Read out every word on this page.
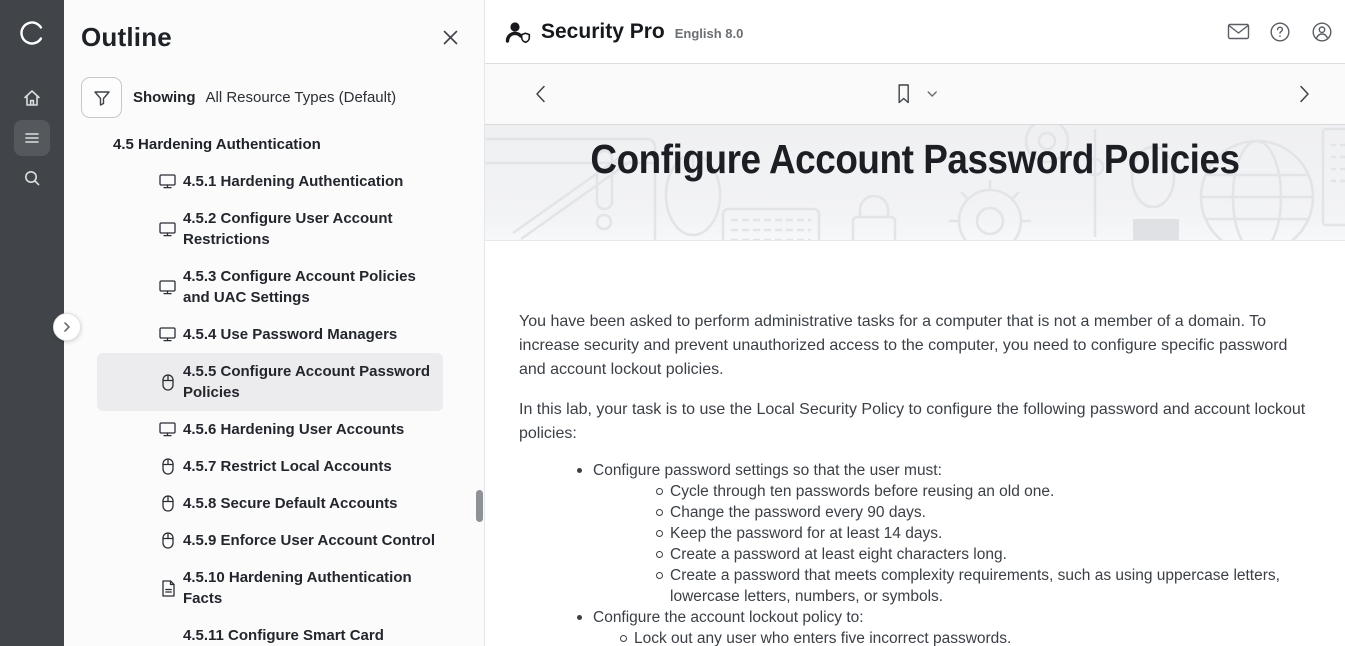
Outline
Showing All Resource Types (Default)
4.5 Hardening Authentication
4.5.1 Hardening Authentication
4.5.2 Configure User Account Restrictions
4.5.3 Configure Account Policies and UAC Settings
4.5.4 Use Password Managers
4.5.5 Configure Account Password Policies
4.5.6 Hardening User Accounts
4.5.7 Restrict Local Accounts
4.5.8 Secure Default Accounts
4.5.9 Enforce User Account Control
4.5.10 Hardening Authentication Facts
4.5.11 Configure Smart Card
Security Pro English 8.0
Configure Account Password Policies

You have been asked to perform administrative tasks for a computer that is not a member of a domain. To increase security and prevent unauthorized access to the computer, you need to configure specific password and account lockout policies.

In this lab, your task is to use the Local Security Policy to configure the following password and account lockout policies:

Configure password settings so that the user must:
Cycle through ten passwords before reusing an old one.
Change the password every 90 days.
Keep the password for at least 14 days.
Create a password at least eight characters long.
Create a password that meets complexity requirements, such as using uppercase letters, lowercase letters, numbers, or symbols.
Configure the account lockout policy to:
Lock out any user who enters five incorrect passwords.
